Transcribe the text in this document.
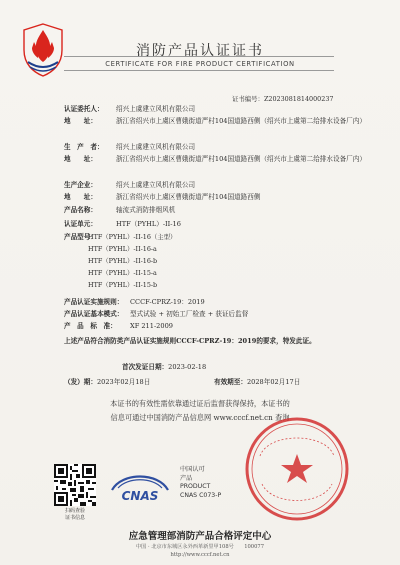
消防产品认证证书
CERTIFICATE FOR FIRE PRODUCT CERTIFICATION
证书编号：Z2023081814000237
认证委托人：	绍兴上虞建立风机有限公司
地　　址：	浙江省绍兴市上虞区曹娥街道严村104国道路西侧（绍兴市上虞第二给排水设备厂内）
生　产　者：	绍兴上虞建立风机有限公司
地　　址：	浙江省绍兴市上虞区曹娥街道严村104国道路西侧（绍兴市上虞第二给排水设备厂内）
生产企业：	绍兴上虞建立风机有限公司
地　　址：	浙江省绍兴市上虞区曹娥街道严村104国道路西侧
产品名称：	轴流式消防排烟风机
认证单元：	HTF（PYHL）-II-16
产品型号：
HTF（PYHL）-II-16（主型）
HTF（PYHL）-II-16-a
HTF（PYHL）-II-16-b
HTF（PYHL）-II-15-a
HTF（PYHL）-II-15-b
产品认证实施规则：	CCCF-CPRZ-19：2019
产品认证基本模式：	型式试验 + 初始工厂检查 + 获证后监督
产　品　标　准：	XF 211-2009
上述产品符合消防类产品认证实施规则CCCF-CPRZ-19：2019的要求，特发此证。
首次发证日期：2023-02-18
（发）期：2023年02月18日	有效期至：2028年02月17日
本证书的有效性需依靠通过证后监督获得保持，本证书的
信息可通过中国消防产品信息网 www.cccf.net.cn 查询
扫码查验
证书信息
CNAS
中国认可
产品
PRODUCT
CNAS C073-P
应急管理部消防产品合格评定中心
中国 · 北京市东城区永外西革新里甲108号　　100077
http://www.cccf.net.cn
